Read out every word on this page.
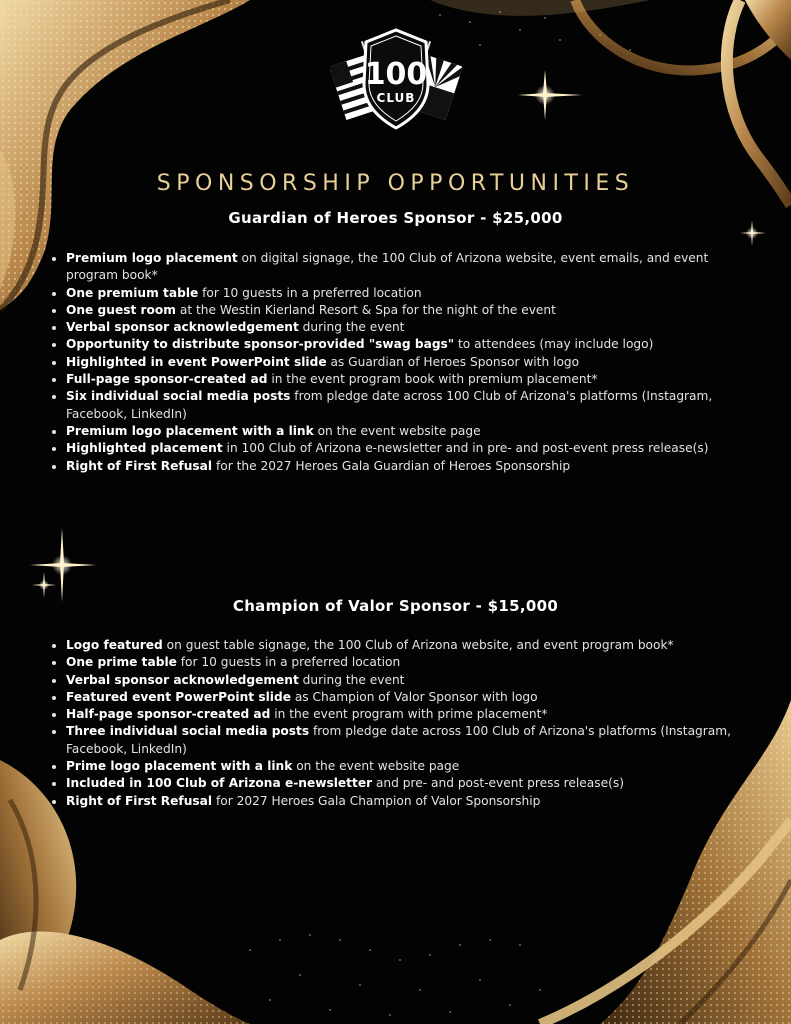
100
CLUB
SPONSORSHIP OPPORTUNITIES
Guardian of Heroes Sponsor - $25,000
• Premium logo placement on digital signage, the 100 Club of Arizona website, event emails, and event program book*
• One premium table for 10 guests in a preferred location
• One guest room at the Westin Kierland Resort & Spa for the night of the event
• Verbal sponsor acknowledgement during the event
• Opportunity to distribute sponsor-provided "swag bags" to attendees (may include logo)
• Highlighted in event PowerPoint slide as Guardian of Heroes Sponsor with logo
• Full-page sponsor-created ad in the event program book with premium placement*
• Six individual social media posts from pledge date across 100 Club of Arizona's platforms (Instagram, Facebook, LinkedIn)
• Premium logo placement with a link on the event website page
• Highlighted placement in 100 Club of Arizona e-newsletter and in pre- and post-event press release(s)
• Right of First Refusal for the 2027 Heroes Gala Guardian of Heroes Sponsorship
Champion of Valor Sponsor - $15,000
• Logo featured on guest table signage, the 100 Club of Arizona website, and event program book*
• One prime table for 10 guests in a preferred location
• Verbal sponsor acknowledgement during the event
• Featured event PowerPoint slide as Champion of Valor Sponsor with logo
• Half-page sponsor-created ad in the event program with prime placement*
• Three individual social media posts from pledge date across 100 Club of Arizona's platforms (Instagram, Facebook, LinkedIn)
• Prime logo placement with a link on the event website page
• Included in 100 Club of Arizona e-newsletter and pre- and post-event press release(s)
• Right of First Refusal for 2027 Heroes Gala Champion of Valor Sponsorship
